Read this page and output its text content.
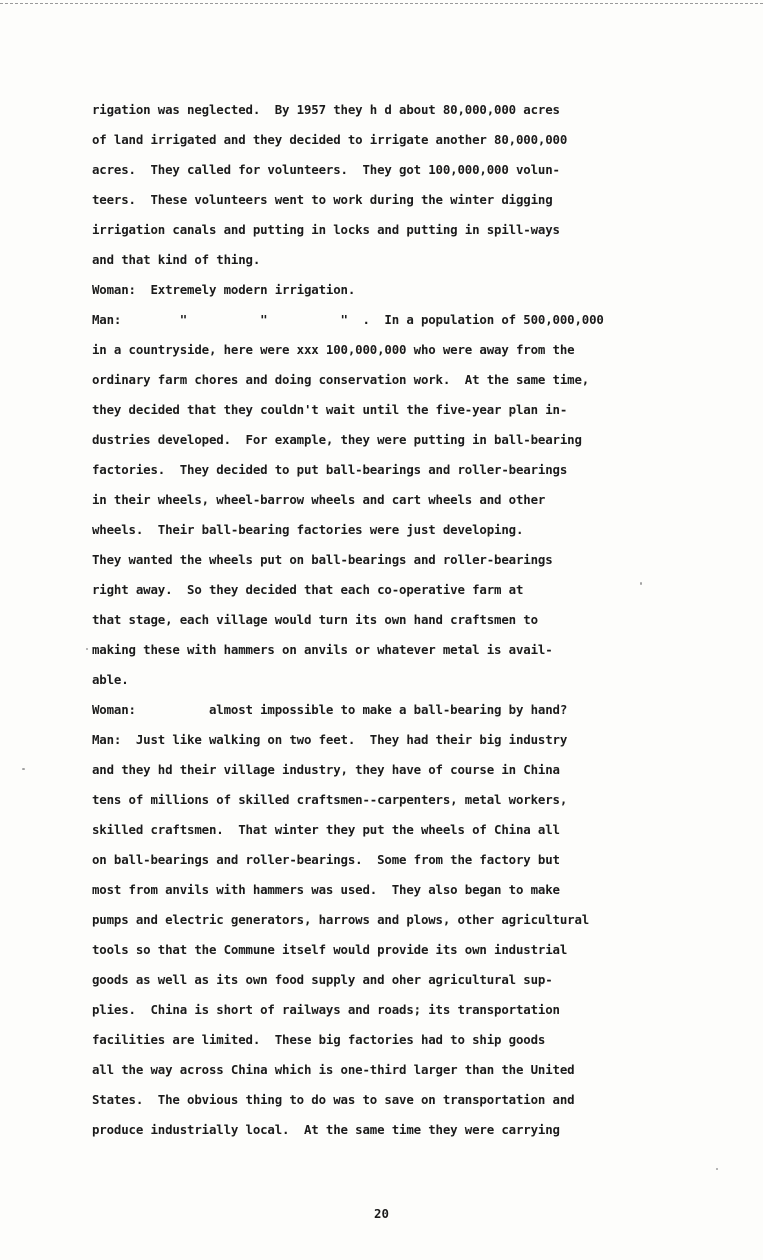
rigation was neglected.  By 1957 they h d about 80,000,000 acres
of land irrigated and they decided to irrigate another 80,000,000
acres.  They called for volunteers.  They got 100,000,000 volun-
teers.  These volunteers went to work during the winter digging
irrigation canals and putting in locks and putting in spill-ways
and that kind of thing.
Woman:  Extremely modern irrigation.
Man:        "          "          "  .  In a population of 500,000,000
in a countryside, here were xxx 100,000,000 who were away from the
ordinary farm chores and doing conservation work.  At the same time,
they decided that they couldn't wait until the five-year plan in-
dustries developed.  For example, they were putting in ball-bearing
factories.  They decided to put ball-bearings and roller-bearings
in their wheels, wheel-barrow wheels and cart wheels and other
wheels.  Their ball-bearing factories were just developing.
They wanted the wheels put on ball-bearings and roller-bearings
right away.  So they decided that each co-operative farm at
that stage, each village would turn its own hand craftsmen to
making these with hammers on anvils or whatever metal is avail-
able.
Woman:          almost impossible to make a ball-bearing by hand?
Man:  Just like walking on two feet.  They had their big industry
and they hd their village industry, they have of course in China
tens of millions of skilled craftsmen--carpenters, metal workers,
skilled craftsmen.  That winter they put the wheels of China all
on ball-bearings and roller-bearings.  Some from the factory but
most from anvils with hammers was used.  They also began to make
pumps and electric generators, harrows and plows, other agricultural
tools so that the Commune itself would provide its own industrial
goods as well as its own food supply and oher agricultural sup-
plies.  China is short of railways and roads; its transportation
facilities are limited.  These big factories had to ship goods
all the way across China which is one-third larger than the United
States.  The obvious thing to do was to save on transportation and
produce industrially local.  At the same time they were carrying
20
